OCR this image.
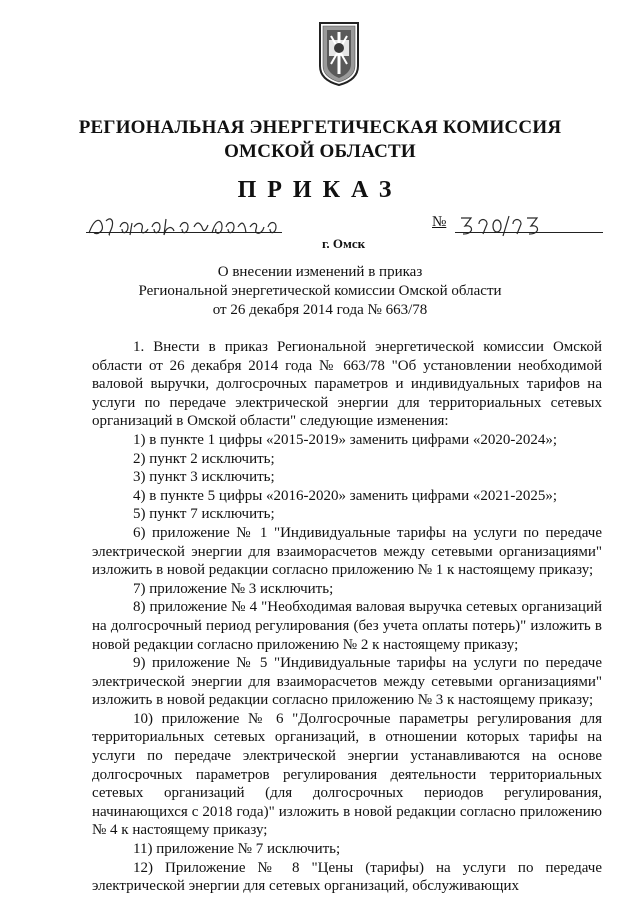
РЕГИОНАЛЬНАЯ ЭНЕРГЕТИЧЕСКАЯ КОМИССИЯ
ОМСКОЙ ОБЛАСТИ
ПРИКАЗ
№
г. Омск
О внесении изменений в приказ
Региональной энергетической комиссии Омской области
от 26 декабря 2014 года № 663/78

1. Внести в приказ Региональной энергетической комиссии Омской области от 26 декабря 2014 года № 663/78 "Об установлении необходимой валовой выручки, долгосрочных параметров и индивидуальных тарифов на услуги по передаче электрической энергии для территориальных сетевых организаций в Омской области" следующие изменения:

1) в пункте 1 цифры «2015-2019» заменить цифрами «2020-2024»;

2) пункт 2 исключить;

3) пункт 3 исключить;

4) в пункте 5 цифры «2016-2020» заменить цифрами «2021-2025»;

5) пункт 7 исключить;

6) приложение № 1 "Индивидуальные тарифы на услуги по передаче электрической энергии для взаиморасчетов между сетевыми организациями" изложить в новой редакции согласно приложению № 1 к настоящему приказу;

7) приложение № 3 исключить;

8) приложение № 4 "Необходимая валовая выручка сетевых организаций на долгосрочный период регулирования (без учета оплаты потерь)" изложить в новой редакции согласно приложению № 2 к настоящему приказу;

9) приложение № 5 "Индивидуальные тарифы на услуги по передаче электрической энергии для взаиморасчетов между сетевыми организациями" изложить в новой редакции согласно приложению № 3 к настоящему приказу;

10) приложение № 6 "Долгосрочные параметры регулирования для территориальных сетевых организаций, в отношении которых тарифы на услуги по передаче электрической энергии устанавливаются на основе долгосрочных параметров регулирования деятельности территориальных сетевых организаций (для долгосрочных периодов регулирования, начинающихся с 2018 года)" изложить в новой редакции согласно приложению № 4 к настоящему приказу;

11) приложение № 7 исключить;

12) Приложение № 8 "Цены (тарифы) на услуги по передаче электрической энергии для сетевых организаций, обслуживающих
